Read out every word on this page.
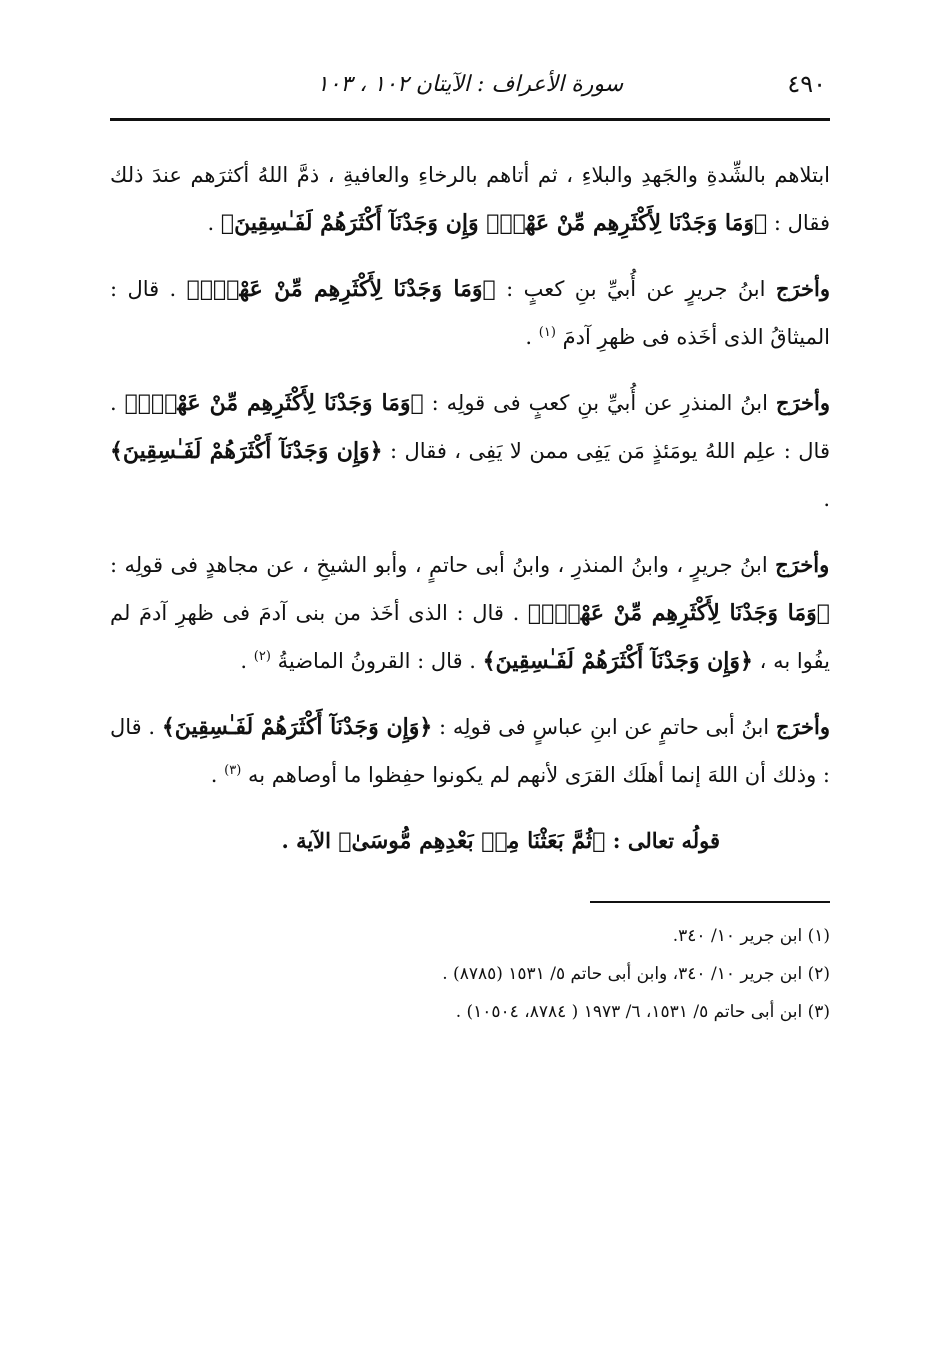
٤٩٠
سورة الأعراف : الآيتان ١٠٢ ، ١٠٣

ابتلاهم بالشِّدةِ والجَهدِ والبلاءِ ، ثم أتاهم بالرخاءِ والعافيةِ ، ذمَّ اللهُ أكثرَهم عندَ ذلك فقال : ﴿وَمَا وَجَدْنَا لِأَكْثَرِهِم مِّنْ عَهْدٍۖ وَإِن وَجَدْنَآ أَكْثَرَهُمْ لَفَـٰسِقِينَ﴾ .

وأخرَج ابنُ جريرٍ عن أُبيِّ بنِ كعبٍ : ﴿وَمَا وَجَدْنَا لِأَكْثَرِهِم مِّنْ عَهْدٍۖ﴾ . قال : الميثاقُ الذى أخَذه فى ظهرِ آدمَ $^{(١)}$ .

وأخرَج ابنُ المنذرِ عن أُبيِّ بنِ كعبٍ فى قولِه : ﴿وَمَا وَجَدْنَا لِأَكْثَرِهِم مِّنْ عَهْدٍۖ﴾ . قال : علِم اللهُ يومَئذٍ مَن يَفِى ممن لا يَفِى ، فقال : ﴿وَإِن وَجَدْنَآ أَكْثَرَهُمْ لَفَـٰسِقِينَ﴾ .

وأخرَج ابنُ جريرٍ ، وابنُ المنذرِ ، وابنُ أبى حاتمٍ ، وأبو الشيخِ ، عن مجاهدٍ فى قولِه : ﴿وَمَا وَجَدْنَا لِأَكْثَرِهِم مِّنْ عَهْدٍۖ﴾ . قال : الذى أخَذ من بنى آدمَ فى ظهرِ آدمَ لم يفُوا به ، ﴿وَإِن وَجَدْنَآ أَكْثَرَهُمْ لَفَـٰسِقِينَ﴾ . قال : القرونُ الماضيةُ $^{(٢)}$ .

وأخرَج ابنُ أبى حاتمٍ عن ابنِ عباسٍ فى قولِه : ﴿وَإِن وَجَدْنَآ أَكْثَرَهُمْ لَفَـٰسِقِينَ﴾ . قال : وذلك أن اللهَ إنما أهلَك القرَى لأنهم لم يكونوا حفِظوا ما أوصاهم به $^{(٣)}$ .

قولُه تعالى : ﴿ثُمَّ بَعَثْنَا مِنۢ بَعْدِهِم مُّوسَىٰ﴾ الآية .

(١) ابن جرير ١٠/ ٣٤٠.

(٢) ابن جرير ١٠/ ٣٤٠، وابن أبى حاتم ٥/ ١٥٣١ (٨٧٨٥) .

(٣) ابن أبى حاتم ٥/ ١٥٣١، ٦/ ١٩٧٣ ( ٨٧٨٤، ١٠٥٠٤) .
